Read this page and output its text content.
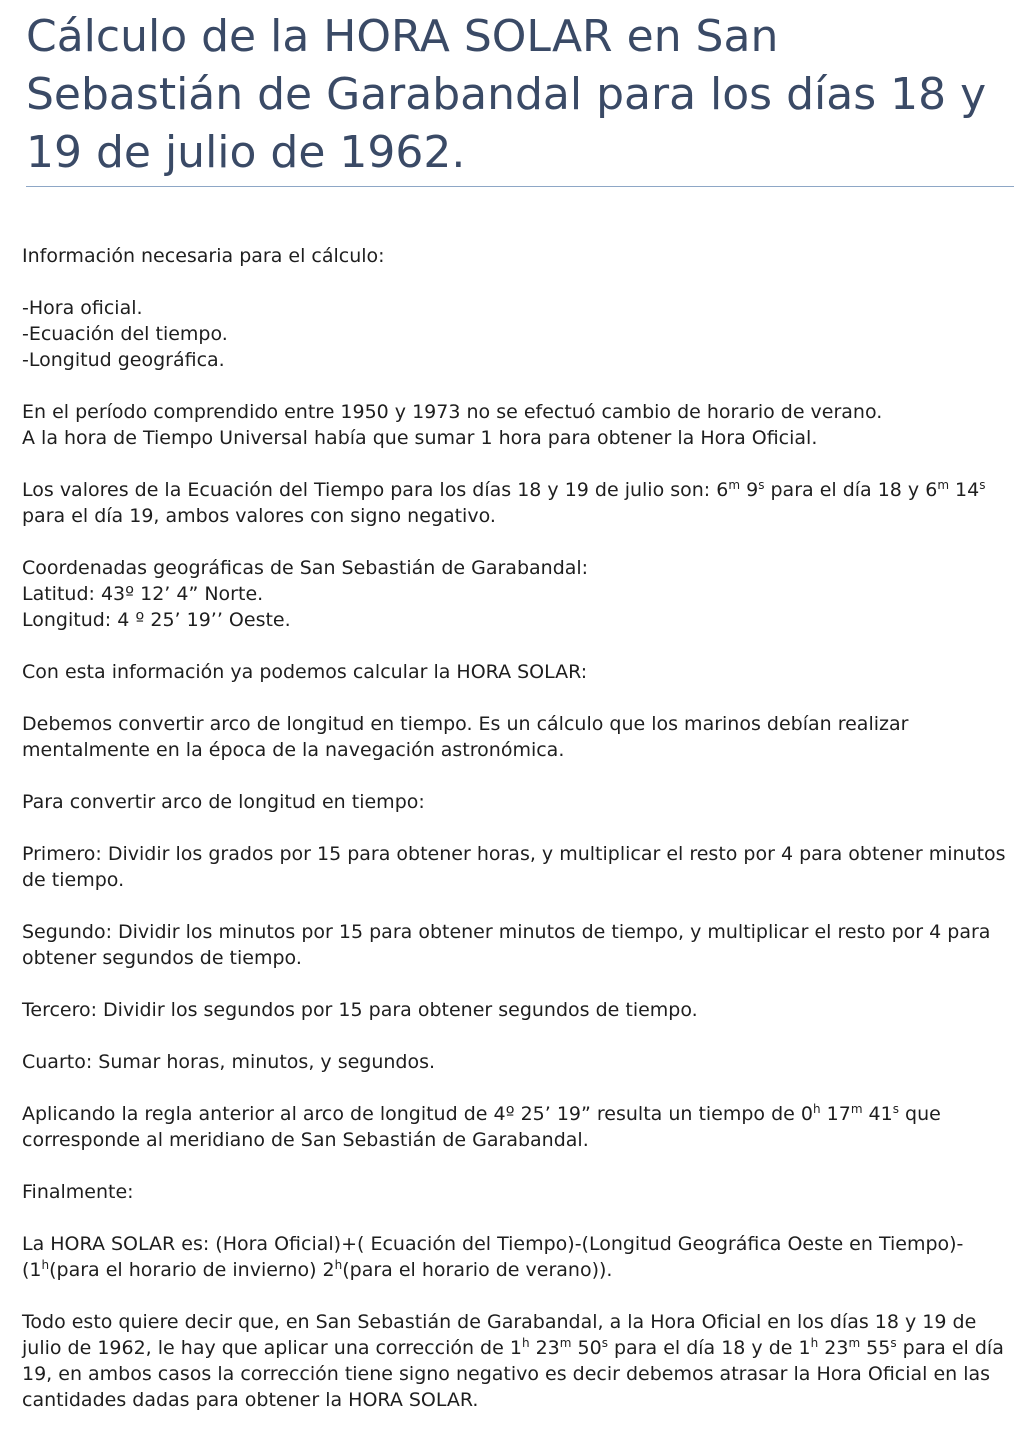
Cálculo de la HORA SOLAR en San Sebastián de Garabandal para los días 18 y 19 de julio de 1962.

Información necesaria para el cálculo:

-Hora oficial.
-Ecuación del tiempo.
-Longitud geográfica.

En el período comprendido entre 1950 y 1973 no se efectuó cambio de horario de verano.
A la hora de Tiempo Universal había que sumar 1 hora para obtener la Hora Oficial.

Los valores de la Ecuación del Tiempo para los días 18 y 19 de julio son: 6$^m$ 9$^s$ para el día 18 y 6$^m$ 14$^s$ para el día 19, ambos valores con signo negativo.

Coordenadas geográficas de San Sebastián de Garabandal:
Latitud: 43º 12’ 4” Norte.
Longitud: 4 º 25’ 19’’ Oeste.

Con esta información ya podemos calcular la HORA SOLAR:

Debemos convertir arco de longitud en tiempo. Es un cálculo que los marinos debían realizar mentalmente en la época de la navegación astronómica.

Para convertir arco de longitud en tiempo:

Primero: Dividir los grados por 15 para obtener horas, y multiplicar el resto por 4 para obtener minutos de tiempo.

Segundo: Dividir los minutos por 15 para obtener minutos de tiempo, y multiplicar el resto por 4 para obtener segundos de tiempo.

Tercero: Dividir los segundos por 15 para obtener segundos de tiempo.

Cuarto: Sumar horas, minutos, y segundos.

Aplicando la regla anterior al arco de longitud de 4º 25’ 19” resulta un tiempo de 0$^h$ 17$^m$ 41$^s$ que corresponde al meridiano de San Sebastián de Garabandal.

Finalmente:

La HORA SOLAR es: (Hora Oficial)+( Ecuación del Tiempo)-(Longitud Geográfica Oeste en Tiempo)-(1$^h$(para el horario de invierno) 2$^h$(para el horario de verano)).

Todo esto quiere decir que, en San Sebastián de Garabandal, a la Hora Oficial en los días 18 y 19 de julio de 1962, le hay que aplicar una corrección de 1$^h$ 23$^m$ 50$^s$ para el día 18 y de 1$^h$ 23$^m$ 55$^s$ para el día 19, en ambos casos la corrección tiene signo negativo es decir debemos atrasar la Hora Oficial en las cantidades dadas para obtener la HORA SOLAR.
